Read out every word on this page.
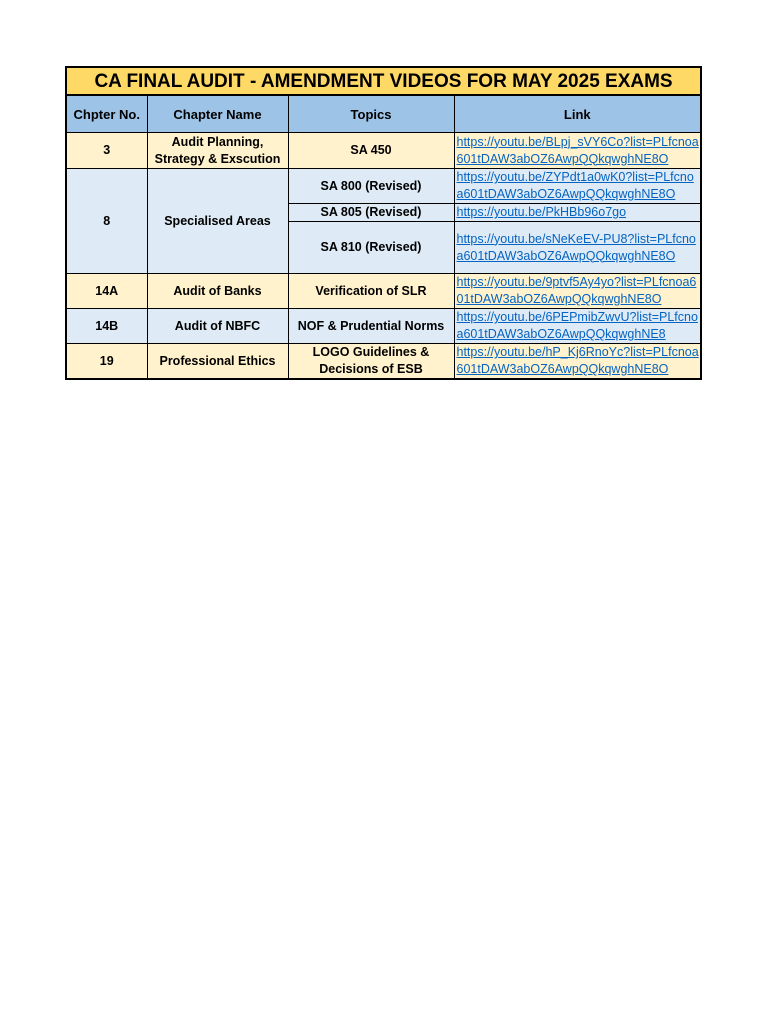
CA FINAL AUDIT - AMENDMENT VIDEOS FOR MAY 2025 EXAMS			
Chpter No.	Chapter Name	Topics	Link
3	Audit Planning, Strategy & Exscution	SA 450	https://youtu.be/BLpj_sVY6Co?list=PLfcnoa601tDAW3abOZ6AwpQQkqwghNE8O
8	Specialised Areas	SA 800 (Revised)	https://youtu.be/ZYPdt1a0wK0?list=PLfcnoa601tDAW3abOZ6AwpQQkqwghNE8O
		SA 805 (Revised)	https://youtu.be/PkHBb96o7go
		SA 810 (Revised)	https://youtu.be/sNeKeEV-PU8?list=PLfcnoa601tDAW3abOZ6AwpQQkqwghNE8O
14A	Audit of Banks	Verification of SLR	https://youtu.be/9ptvf5Ay4yo?list=PLfcnoa601tDAW3abOZ6AwpQQkqwghNE8O
14B	Audit of NBFC	NOF & Prudential Norms	https://youtu.be/6PEPmibZwvU?list=PLfcnoa601tDAW3abOZ6AwpQQkqwghNE8
19	Professional Ethics	LOGO Guidelines & Decisions of ESB	https://youtu.be/hP_Kj6RnoYc?list=PLfcnoa601tDAW3abOZ6AwpQQkqwghNE8O
